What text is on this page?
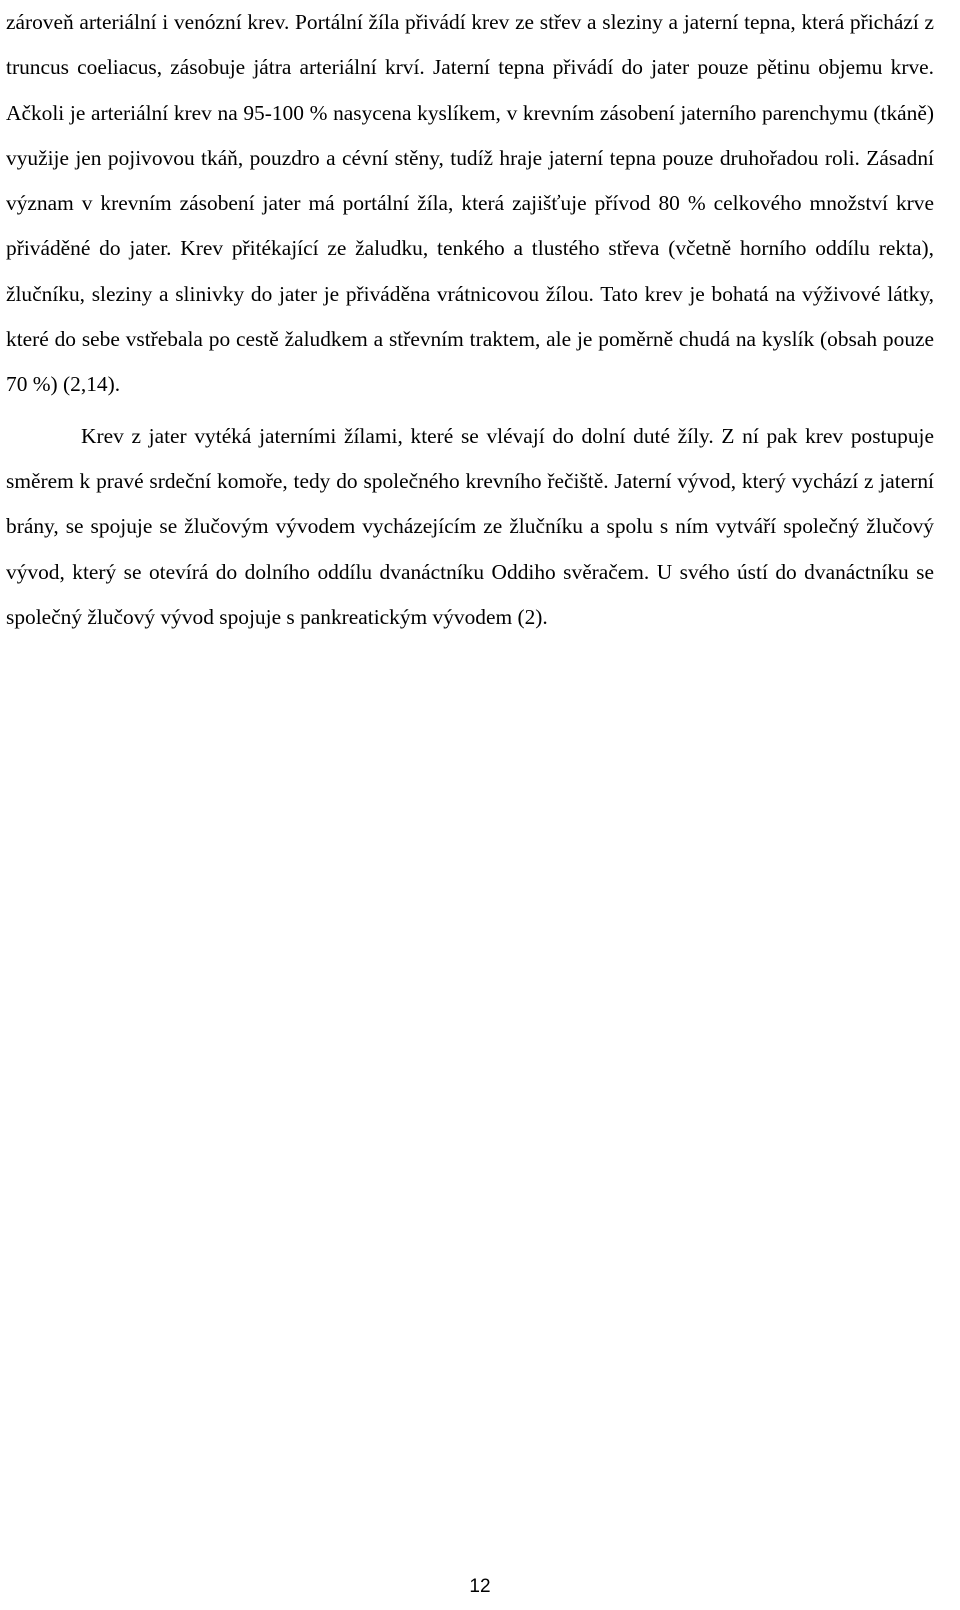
zároveň arteriální i venózní krev. Portální žíla přivádí krev ze střev a sleziny a jaterní tepna, která přichází z truncus coeliacus, zásobuje játra arteriální krví. Jaterní tepna přivádí do jater pouze pětinu objemu krve. Ačkoli je arteriální krev na 95-100 % nasycena kyslíkem, v krevním zásobení jaterního parenchymu (tkáně) využije jen pojivovou tkáň, pouzdro a cévní stěny, tudíž hraje jaterní tepna pouze druhořadou roli. Zásadní význam v krevním zásobení jater má portální žíla, která zajišťuje přívod 80 % celkového množství krve přiváděné do jater. Krev přitékající ze žaludku, tenkého a tlustého střeva (včetně horního oddílu rekta), žlučníku, sleziny a slinivky do jater je přiváděna vrátnicovou žílou. Tato krev je bohatá na výživové látky, které do sebe vstřebala po cestě žaludkem a střevním traktem, ale je poměrně chudá na kyslík (obsah pouze 70 %) (2,14).

Krev z jater vytéká jaterními žílami, které se vlévají do dolní duté žíly. Z ní pak krev postupuje směrem k pravé srdeční komoře, tedy do společného krevního řečiště. Jaterní vývod, který vychází z jaterní brány, se spojuje se žlučovým vývodem vycházejícím ze žlučníku a spolu s ním vytváří společný žlučový vývod, který se otevírá do dolního oddílu dvanáctníku Oddiho svěračem. U svého ústí do dvanáctníku se společný žlučový vývod spojuje s pankreatickým vývodem (2).

12
